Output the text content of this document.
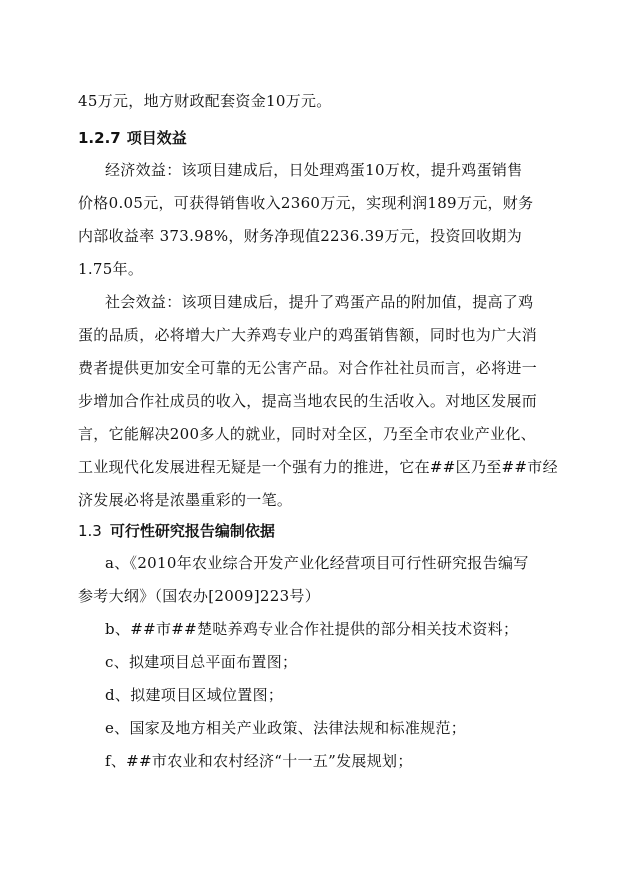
45万元，地方财政配套资金10万元。
1.2.7 项目效益
经济效益：该项目建成后，日处理鸡蛋10万枚，提升鸡蛋销售
价格0.05元，可获得销售收入2360万元，实现利润189万元，财务
内部收益率 373.98%，财务净现值2236.39万元，投资回收期为
1.75年。
社会效益：该项目建成后，提升了鸡蛋产品的附加值，提高了鸡
蛋的品质，必将增大广大养鸡专业户的鸡蛋销售额，同时也为广大消
费者提供更加安全可靠的无公害产品。对合作社社员而言，必将进一
步增加合作社成员的收入，提高当地农民的生活收入。对地区发展而
言，它能解决200多人的就业，同时对全区，乃至全市农业产业化、
工业现代化发展进程无疑是一个强有力的推进，它在##区乃至##市经
济发展必将是浓墨重彩的一笔。
1.3 可行性研究报告编制依据
a、《2010年农业综合开发产业化经营项目可行性研究报告编写
参考大纲》（国农办[2009]223号）
b、##市##楚哒养鸡专业合作社提供的部分相关技术资料；
c、拟建项目总平面布置图；
d、拟建项目区域位置图；
e、国家及地方相关产业政策、法律法规和标准规范；
f、##市农业和农村经济“十一五”发展规划；
